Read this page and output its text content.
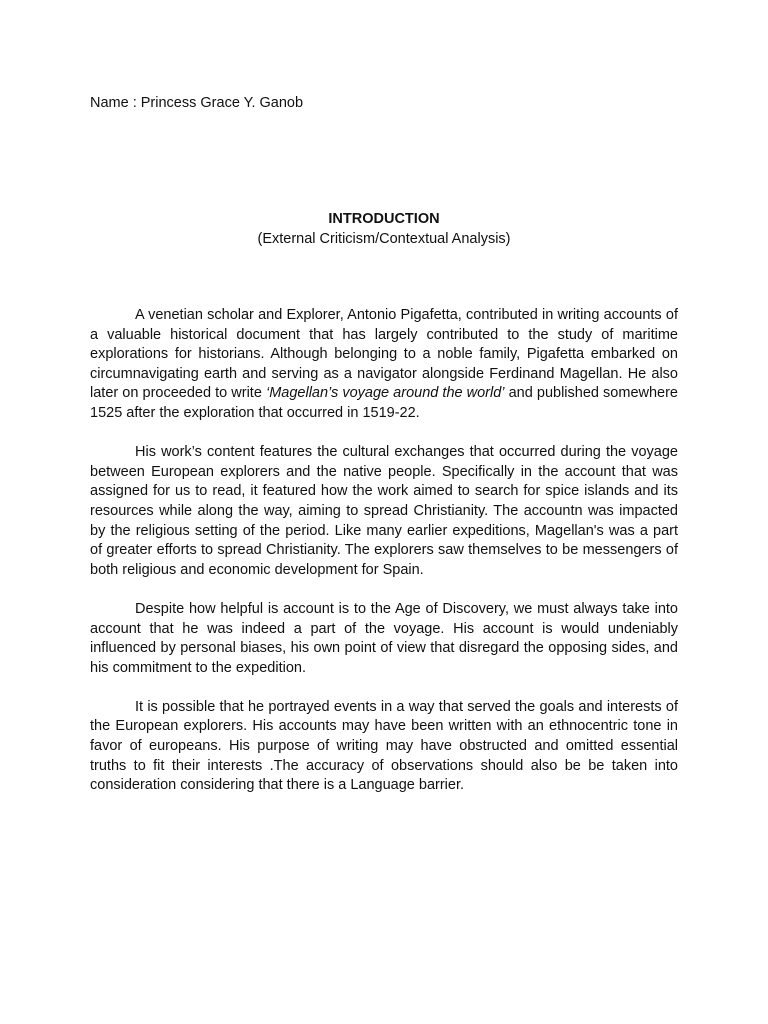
Name : Princess Grace Y. Ganob
INTRODUCTION
(External Criticism/Contextual Analysis)

A venetian scholar and Explorer, Antonio Pigafetta, contributed in writing accounts of a valuable historical document that has largely contributed to the study of maritime explorations for historians. Although belonging to a noble family, Pigafetta embarked on circumnavigating earth and serving as a navigator alongside Ferdinand Magellan. He also later on proceeded to write ‘Magellan’s voyage around the world’ and published somewhere 1525 after the exploration that occurred in 1519-22.

His work’s content features the cultural exchanges that occurred during the voyage between European explorers and the native people. Specifically in the account that was assigned for us to read, it featured how the work aimed to search for spice islands and its resources while along the way, aiming to spread Christianity. The accountn was impacted by the religious setting of the period. Like many earlier expeditions, Magellan's was a part of greater efforts to spread Christianity. The explorers saw themselves to be messengers of both religious and economic development for Spain.

Despite how helpful is account is to the Age of Discovery, we must always take into account that he was indeed a part of the voyage. His account is would undeniably influenced by personal biases, his own point of view that disregard the opposing sides, and his commitment to the expedition.

It is possible that he portrayed events in a way that served the goals and interests of the European explorers. His accounts may have been written with an ethnocentric tone in favor of europeans. His purpose of writing may have obstructed and omitted essential truths to fit their interests .The accuracy of observations should also be be taken into consideration considering that there is a Language barrier.
